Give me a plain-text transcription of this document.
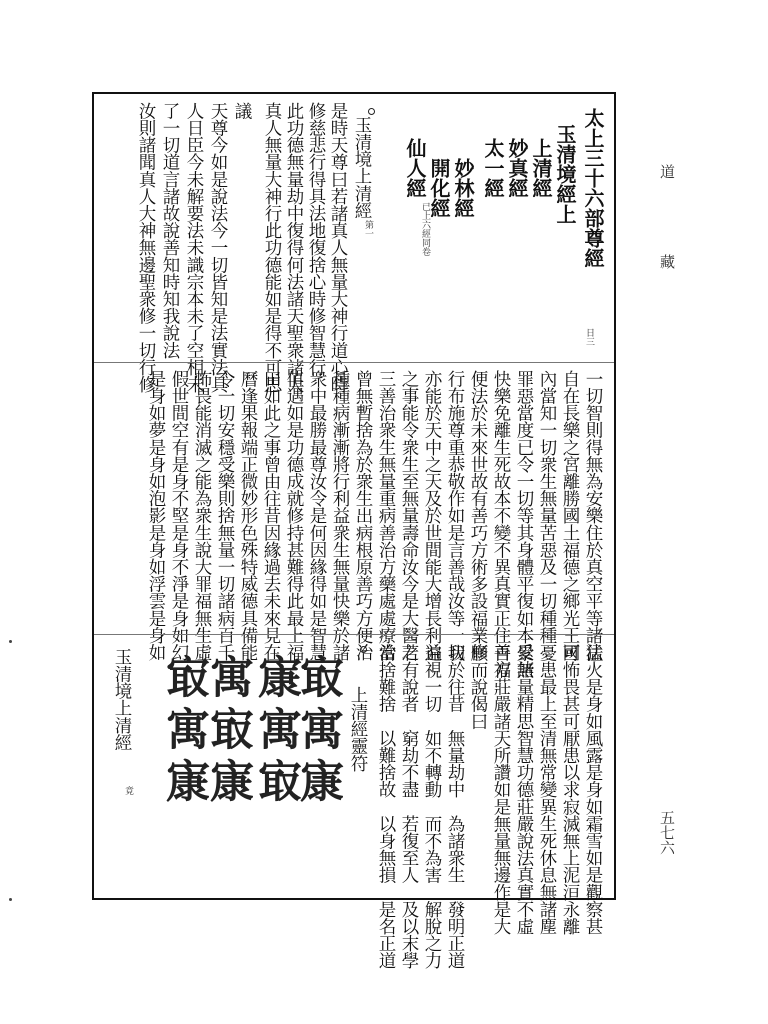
道　藏
五七六
太上三十六部尊經
玉清境經上
上清經
妙真經
太一經
妙林經
開化經
仙人經
已上六經同卷
日三
玉清境上清經
第一
是時天尊曰若諸真人無量大神行道心時
修慈悲行得具法地復捨心時修智慧行
此功德無量劫中復得何法諸天聖衆諸大
真人無量大神行此功德能如是得不可思
議
天尊今如是說法今一切皆知是法實法具
人日臣今未解要法未識宗本未了空相未
了一切道言諸故說善知時知我說法
汝則諸聞真人大神無邊聖衆修一切行修
一切智則得無為安樂住於真空平等諸法
自在長樂之宮離勝國土福德之鄉光王國
內當知一切衆生無量苦惡及一切種種
罪惡當度已令一切等其身體平復如本受諸
快樂免離生死故本不變不異真實正住善方
便法於未來世故有善巧方術多設福業修
行布施尊重恭敬作如是言善哉汝等一切
亦能於天中之天及於世間能大增長利益
之事能令衆生至無量壽命汝今是大醫之
三善治衆生無量重病善治方藥處處療治
曾無暫捨為於衆生出病根原善巧方便治
種種病漸漸將行利益衆生無量快樂於諸
衆中最勝最尊汝令是何因緣得如是智慧
值遇如是功德成就修持甚難得此最上福
田如此之事曾由往昔因緣過去未來見在
曆逢果報端正微妙形色殊特威德具備能
令一切安穩受樂則捨無量一切諸病百千
怖畏能消滅之能為衆生說大罪福無生虛
假世間空有是身不堅是身不淨是身如幻
是身如夢是身如泡影是身如浮雲是身如
猛火是身如風露是身如霜雪如是觀察甚
可怖畏甚可厭患以求寂滅無上泥洹永離
憂患最上至清無常變異生死休息無諸塵
累無量精思智慧功德莊嚴說法真實不虛
百福莊嚴諸天所讚如是無量無邊作是大
願而說偈曰
我於往昔　無量劫中　為諸衆生　發明正道
遍視一切　如不轉動　而不為害　解脫之力
若有說者　窮劫不盡　若復至人　及以末學
當捨難捨　以難捨故　以身無損　是名正道
上清經靈符
㝡寓㝩
㝩寓㝡
寓㝡㝩
㝡寓㝩
玉清境上清經
竟
